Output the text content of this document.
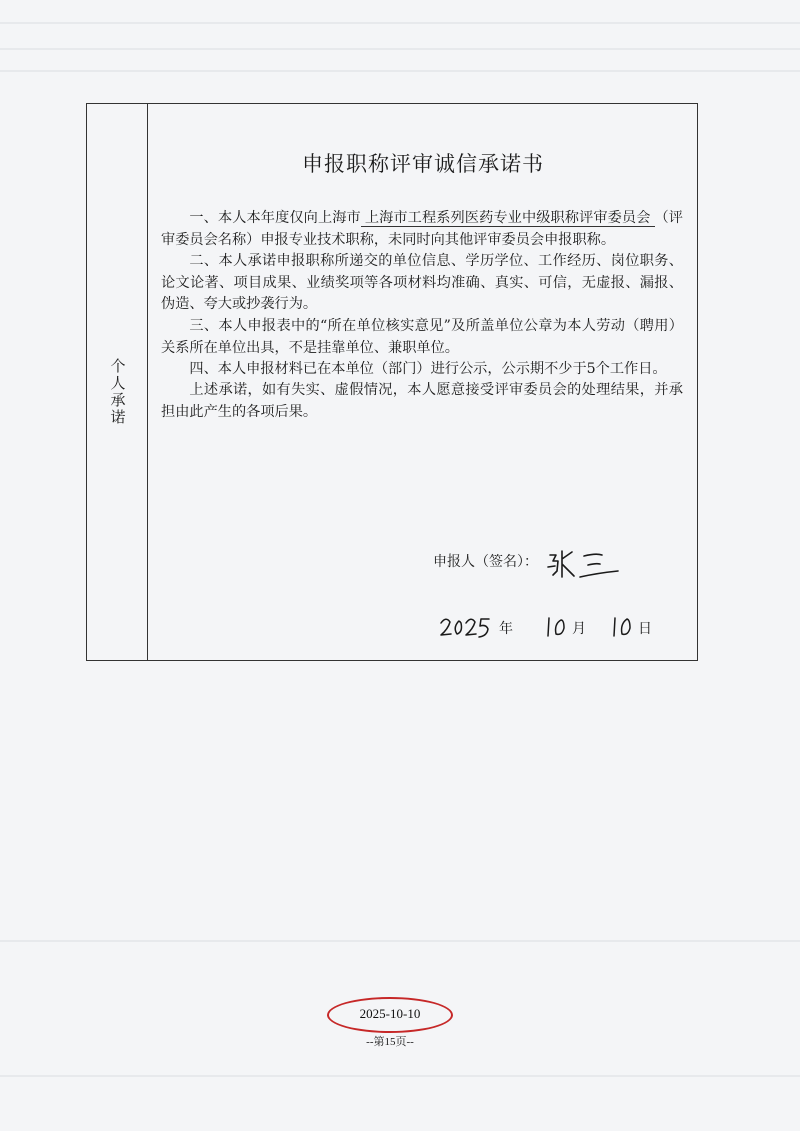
个人承诺
申报职称评审诚信承诺书
一、本人本年度仅向上海市 上海市工程系列医药专业中级职称评审委员会 （评审委员会名称）申报专业技术职称，未同时向其他评审委员会申报职称。
二、本人承诺申报职称所递交的单位信息、学历学位、工作经历、岗位职务、论文论著、项目成果、业绩奖项等各项材料均准确、真实、可信，无虚报、漏报、伪造、夸大或抄袭行为。
三、本人申报表中的“所在单位核实意见”及所盖单位公章为本人劳动（聘用）关系所在单位出具，不是挂靠单位、兼职单位。
四、本人申报材料已在本单位（部门）进行公示，公示期不少于5个工作日。
上述承诺，如有失实、虚假情况，本人愿意接受评审委员会的处理结果，并承担由此产生的各项后果。
申报人（签名）：
年	月	日
2025-10-10
--第15页--
